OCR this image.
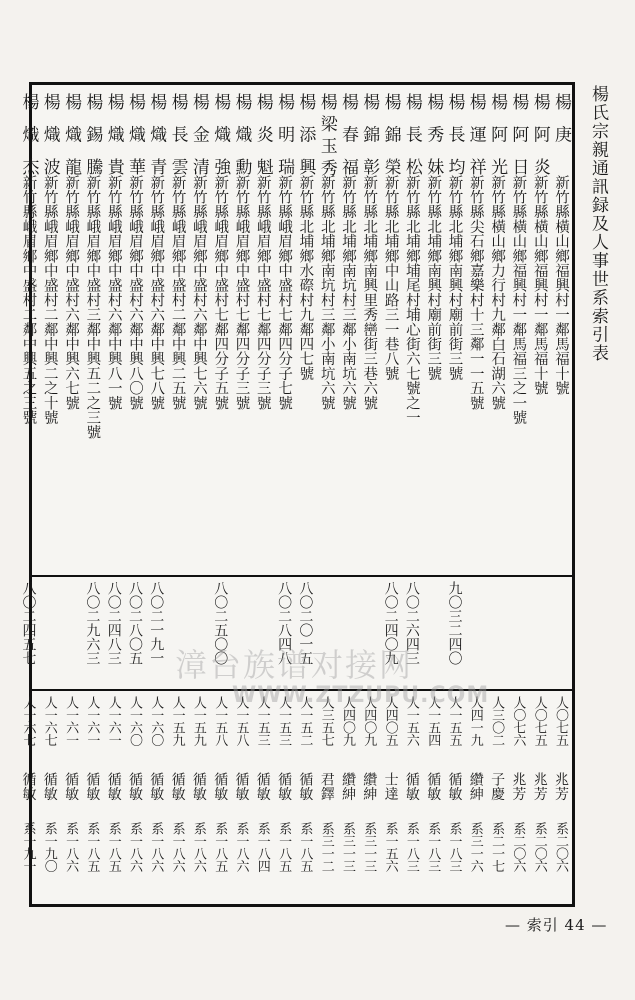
楊氏宗親通訊録及人事世系索引表
楊 庚
新竹縣橫山鄉福興村一鄰馬福十號
人〇七五
兆芳
系二〇六
楊 阿 炎
新竹縣橫山鄉福興村一鄰馬福十號
人〇七五
兆芳
系二〇六
楊 阿 日
新竹縣橫山鄉福興村一鄰馬福三之一號
人〇七六
兆芳
系二〇六
楊 阿 光
新竹縣橫山鄉力行村九鄰白石湖六號
人三〇二
子慶
系二一七
楊 運 祥
新竹縣尖石鄉嘉樂村十三鄰一一五號
人四一九
纘紳
系三一六
楊 長 均
新竹縣北埔鄉南興村廟前街三號
九〇三二四〇
人一五五
循敏
系一八三
楊 秀 妹
新竹縣北埔鄉南興村廟前街三號
人一五四
循敏
系一八三
楊 長 松
新竹縣北埔鄉埔尾村埔心街六七號之一
八〇二六四三
人一五六
循敏
系一八三
楊 錦 榮
新竹縣北埔鄉中山路三一巷八號
八〇二四〇九
人四〇五
士達
系一五六
楊 錦 彰
新竹縣北埔鄉南興里秀巒街三巷六號
人四〇九
纘紳
系三一三
楊 春 福
新竹縣北埔鄉南坑村三鄰小南坑六號
人四〇九
纘紳
系三一三
楊梁玉秀
新竹縣北埔鄉南坑村三鄰小南坑六號
人三五七
君鐸
系三一二
楊 添 興
新竹縣北埔鄉水磜村九鄰四七號
八〇二〇一五
人一五二
循敏
系一八五
楊 明 瑞
新竹縣峨眉鄉中盛村七鄰四分子七號
八〇二八四八
人一五三
循敏
系一八五
楊 炎 魁
新竹縣峨眉鄉中盛村七鄰四分子三號
人一五三
循敏
系一八四
楊 熾 勳
新竹縣峨眉鄉中盛村七鄰四分子三號
人一五八
循敏
系一八六
楊 熾 強
新竹縣峨眉鄉中盛村七鄰四分子五號
八〇二五〇〇
人一五八
循敏
系一八五
楊 金 清
新竹縣峨眉鄉中盛村六鄰中興七六號
人一五九
循敏
系一八六
楊 長 雲
新竹縣峨眉鄉中盛村二鄰中興二五號
人一五九
循敏
系一八六
楊 熾 青
新竹縣峨眉鄉中盛村六鄰中興七八號
八〇二一九一
人一六〇
循敏
系一八六
楊 熾 華
新竹縣峨眉鄉中盛村六鄰中興八〇號
八〇二八〇五
人一六〇
循敏
系一八六
楊 熾 貴
新竹縣峨眉鄉中盛村六鄰中興八一號
八〇二四八三
人一六一
循敏
系一八五
楊 錫 騰
新竹縣峨眉鄉中盛村三鄰中興五二之三號
八〇二九六三
人一六一
循敏
系一八五
楊 熾 龍
新竹縣峨眉鄉中盛村六鄰中興六七號
人一六一
循敏
系一八六
楊 熾 波
新竹縣峨眉鄉中盛村二鄰中興二之十號
人一六七
循敏
系一九〇
楊 熾 杰
新竹縣峨眉鄉中盛村二鄰中興五之三號
八〇二四五七
人一六七
循敏
系一九一
漳台族谱对接网
WWW.ZTZUPU.COM
— 索引 44 —
